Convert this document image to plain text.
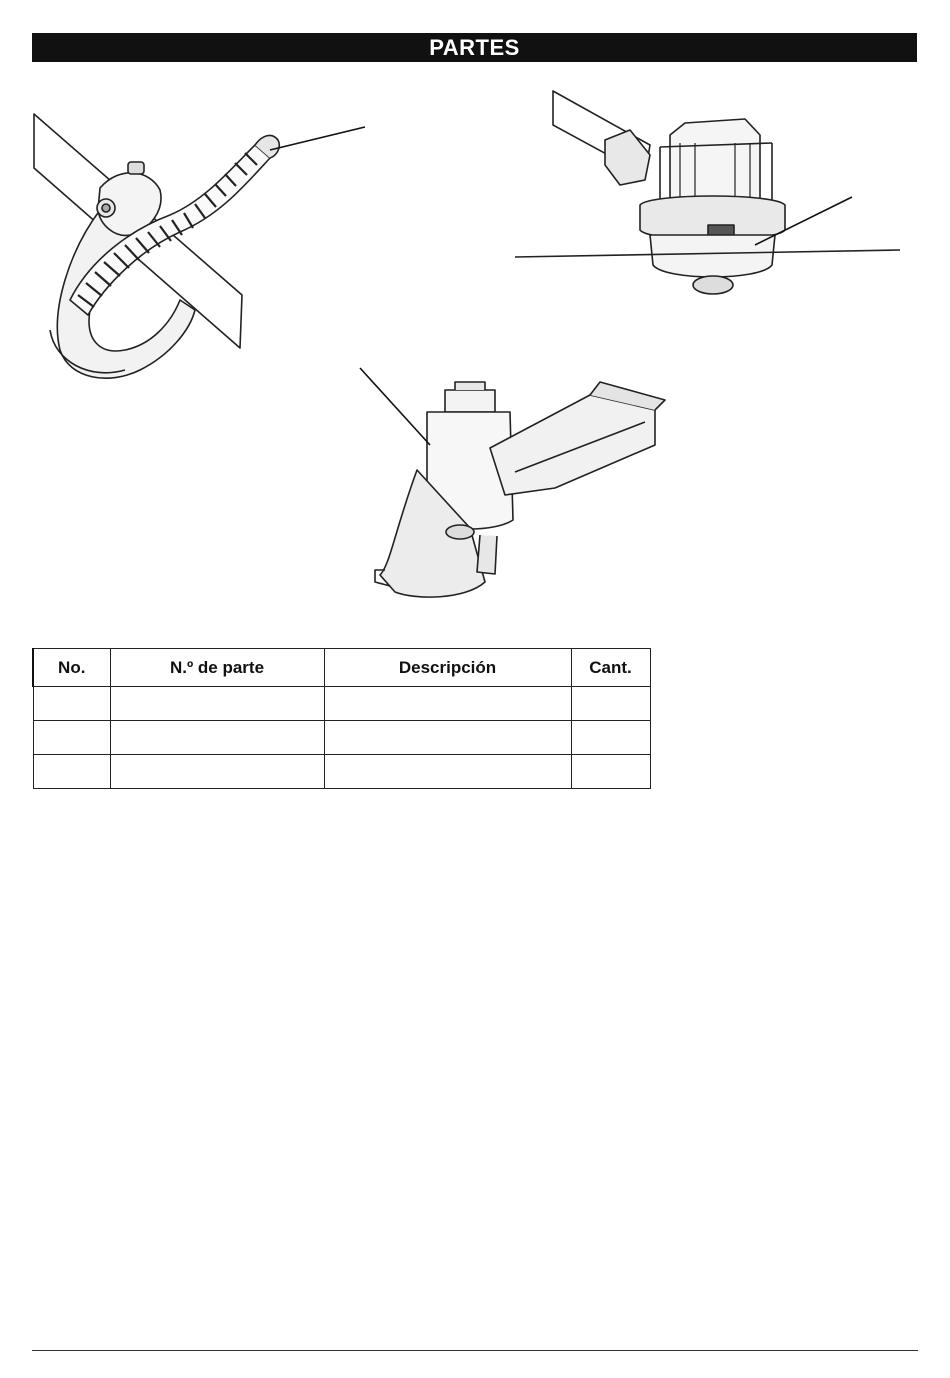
PARTES
No.	N.º de parte	Descripción	Cant.
